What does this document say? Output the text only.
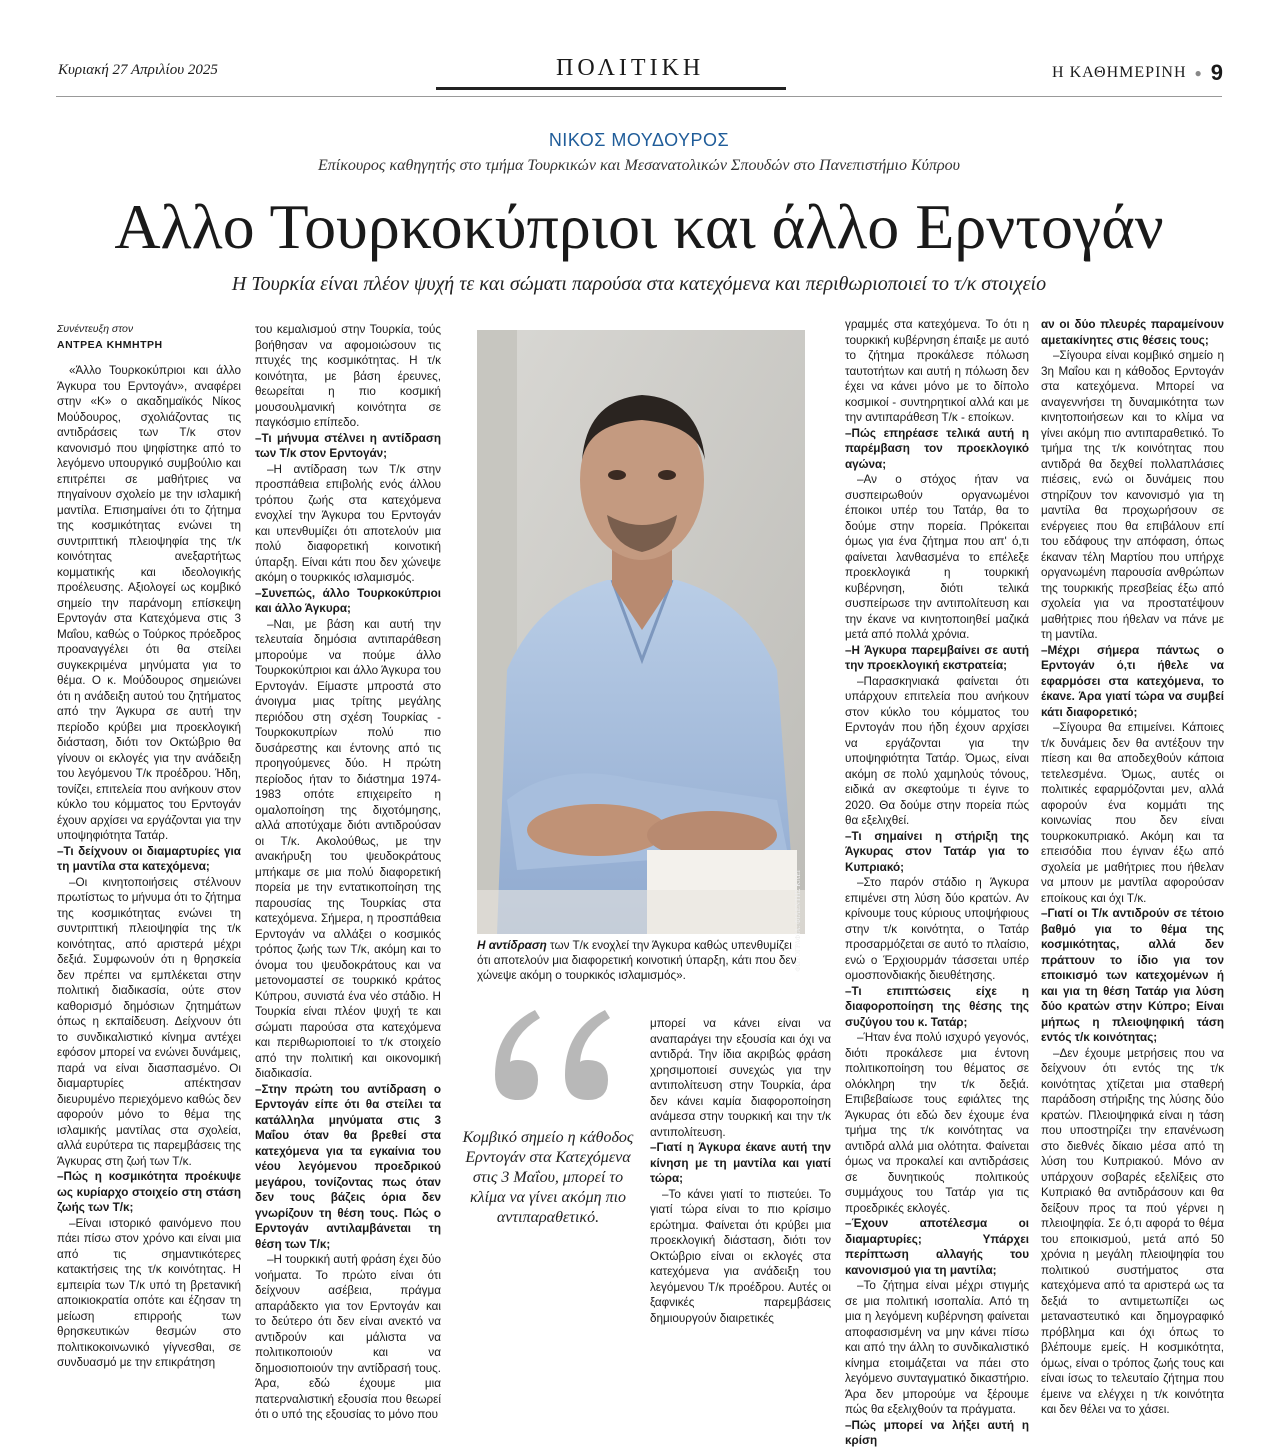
Κυριακή 27 Απριλίου 2025	ΠΟΛΙΤΙΚΗ	Η ΚΑΘΗΜΕΡΙΝΗ ● 9
ΝΙΚΟΣ ΜΟΥΔΟΥΡΟΣ
Επίκουρος καθηγητής στο τμήμα Τουρκικών και Μεσανατολικών Σπουδών στο Πανεπιστήμιο Κύπρου
Αλλο Τουρκοκύπριοι και άλλο Ερντογάν
Η Τουρκία είναι πλέον ψυχή τε και σώματι παρούσα στα κατεχόμενα και περιθωριοποιεί το τ/κ στοιχείο
Συνέντευξη στον
ΑΝΤΡΕΑ ΚΗΜΗΤΡΗ

«Άλλο Τουρκοκύπριοι και άλλο Άγκυρα του Ερντογάν», αναφέρει στην «Κ» ο ακαδημαϊκός Νίκος Μούδουρος, σχολιάζοντας τις αντιδράσεις των Τ/κ στον κανονισμό που ψηφίστηκε από το λεγόμενο υπουργικό συμβούλιο και επιτρέπει σε μαθήτριες να πηγαίνουν σχολείο με την ισλαμική μαντίλα. Επισημαίνει ότι το ζήτημα της κοσμικότητας ενώνει τη συντριπτική πλειοψηφία της τ/κ κοινότητας ανεξαρτήτως κομματικής και ιδεολογικής προέλευσης. Αξιολογεί ως κομβικό σημείο την παράνομη επίσκεψη Ερντογάν στα Κατεχόμενα στις 3 Μαΐου, καθώς ο Τούρκος πρόεδρος προαναγγέλει ότι θα στείλει συγκεκριμένα μηνύματα για το θέμα. Ο κ. Μούδουρος σημειώνει ότι η ανάδειξη αυτού του ζητήματος από την Άγκυρα σε αυτή την περίοδο κρύβει μια προεκλογική διάσταση, διότι τον Οκτώβριο θα γίνουν οι εκλογές για την ανάδειξη του λεγόμενου Τ/κ προέδρου. Ήδη, τονίζει, επιτελεία που ανήκουν στον κύκλο του κόμματος του Ερντογάν έχουν αρχίσει να εργάζονται για την υποψηφιότητα Τατάρ.

–Τι δείχνουν οι διαμαρτυρίες για τη μαντίλα στα κατεχόμενα;

–Οι κινητοποιήσεις στέλνουν πρωτίστως το μήνυμα ότι το ζήτημα της κοσμικότητας ενώνει τη συντριπτική πλειοψηφία της τ/κ κοινότητας, από αριστερά μέχρι δεξιά. Συμφωνούν ότι η θρησκεία δεν πρέπει να εμπλέκεται στην πολιτική διαδικασία, ούτε στον καθορισμό δημόσιων ζητημάτων όπως η εκπαίδευση. Δείχνουν ότι το συνδικαλιστικό κίνημα αντέχει εφόσον μπορεί να ενώνει δυνάμεις, παρά να είναι διασπασμένο. Οι διαμαρτυρίες απέκτησαν διευρυμένο περιεχόμενο καθώς δεν αφορούν μόνο το θέμα της ισλαμικής μαντίλας στα σχολεία, αλλά ευρύτερα τις παρεμβάσεις της Άγκυρας στη ζωή των Τ/κ.

–Πώς η κοσμικότητα προέκυψε ως κυρίαρχο στοιχείο στη στάση ζωής των Τ/κ;

–Είναι ιστορικό φαινόμενο που πάει πίσω στον χρόνο και είναι μια από τις σημαντικότερες κατακτήσεις της τ/κ κοινότητας. Η εμπειρία των Τ/κ υπό τη βρετανική αποικιοκρατία οπότε και έζησαν τη μείωση επιρροής των θρησκευτικών θεσμών στο πολιτικοκοινωνικό γίγνεσθαι, σε συνδυασμό με την επικράτηση

του κεμαλισμού στην Τουρκία, τούς βοήθησαν να αφομοιώσουν τις πτυχές της κοσμικότητας. Η τ/κ κοινότητα, με βάση έρευνες, θεωρείται η πιο κοσμική μουσουλμανική κοινότητα σε παγκόσμιο επίπεδο.

–Τι μήνυμα στέλνει η αντίδραση των Τ/κ στον Ερντογάν;

–Η αντίδραση των Τ/κ στην προσπάθεια επιβολής ενός άλλου τρόπου ζωής στα κατεχόμενα ενοχλεί την Άγκυρα του Ερντογάν και υπενθυμίζει ότι αποτελούν μια πολύ διαφορετική κοινοτική ύπαρξη. Είναι κάτι που δεν χώνεψε ακόμη ο τουρκικός ισλαμισμός.

–Συνεπώς, άλλο Τουρκοκύπριοι και άλλο Άγκυρα;

–Ναι, με βάση και αυτή την τελευταία δημόσια αντιπαράθεση μπορούμε να πούμε άλλο Τουρκοκύπριοι και άλλο Άγκυρα του Ερντογάν. Είμαστε μπροστά στο άνοιγμα μιας τρίτης μεγάλης περιόδου στη σχέση Τουρκίας - Τουρκοκυπρίων πολύ πιο δυσάρεστης και έντονης από τις προηγούμενες δύο. Η πρώτη περίοδος ήταν το διάστημα 1974-1983 οπότε επιχειρείτο η ομαλοποίηση της διχοτόμησης, αλλά αποτύχαμε διότι αντιδρούσαν οι Τ/κ. Ακολούθως, με την ανακήρυξη του ψευδοκράτους μπήκαμε σε μια πολύ διαφορετική πορεία με την εντατικοποίηση της παρουσίας της Τουρκίας στα κατεχόμενα. Σήμερα, η προσπάθεια Ερντογάν να αλλάξει ο κοσμικός τρόπος ζωής των Τ/κ, ακόμη και το όνομα του ψευδοκράτους και να μετονομαστεί σε τουρκικό κράτος Κύπρου, συνιστά ένα νέο στάδιο. Η Τουρκία είναι πλέον ψυχή τε και σώματι παρούσα στα κατεχόμενα και περιθωριοποιεί το τ/κ στοιχείο από την πολιτική και οικονομική διαδικασία.

–Στην πρώτη του αντίδραση ο Ερντογάν είπε ότι θα στείλει τα κατάλληλα μηνύματα στις 3 Μαΐου όταν θα βρεθεί στα κατεχόμενα για τα εγκαίνια του νέου λεγόμενου προεδρικού μεγάρου, τονίζοντας πως όταν δεν τους βάζεις όρια δεν γνωρίζουν τη θέση τους. Πώς ο Ερντογάν αντιλαμβάνεται τη θέση των Τ/κ;

–Η τουρκική αυτή φράση έχει δύο νοήματα. Το πρώτο είναι ότι δείχνουν ασέβεια, πράγμα απαράδεκτο για τον Ερντογάν και το δεύτερο ότι δεν είναι ανεκτό να αντιδρούν και μάλιστα να πολιτικοποιούν και να δημοσιοποιούν την αντίδρασή τους. Άρα, εδώ έχουμε μια πατερναλιστική εξουσία που θεωρεί ότι ο υπό της εξουσίας το μόνο που

ΦΩΤΟΓΡΑΦΙΑ: ΦΙΛΕΝΤΗΣ ΚΛΕΙ
Η αντίδραση των Τ/κ ενοχλεί την Άγκυρα καθώς υπενθυμίζει ότι αποτελούν μια διαφορετική κοινοτική ύπαρξη, κάτι που δεν χώνεψε ακόμη ο τουρκικός ισλαμισμός».
Κομβικό σημείο η κάθοδος Ερντογάν στα Κατεχόμενα στις 3 Μαΐου, μπορεί το κλίμα να γίνει ακόμη πιο αντιπαραθετικό.

μπορεί να κάνει είναι να αναπαράγει την εξουσία και όχι να αντιδρά. Την ίδια ακριβώς φράση χρησιμοποιεί συνεχώς για την αντιπολίτευση στην Τουρκία, άρα δεν κάνει καμία διαφοροποίηση ανάμεσα στην τουρκική και την τ/κ αντιπολίτευση.

–Γιατί η Άγκυρα έκανε αυτή την κίνηση με τη μαντίλα και γιατί τώρα;

–Το κάνει γιατί το πιστεύει. Το γιατί τώρα είναι το πιο κρίσιμο ερώτημα. Φαίνεται ότι κρύβει μια προεκλογική διάσταση, διότι τον Οκτώβριο είναι οι εκλογές στα κατεχόμενα για ανάδειξη του λεγόμενου Τ/κ προέδρου. Αυτές οι ξαφνικές παρεμβάσεις δημιουργούν διαιρετικές

γραμμές στα κατεχόμενα. Το ότι η τουρκική κυβέρνηση έπαιξε με αυτό το ζήτημα προκάλεσε πόλωση ταυτοτήτων και αυτή η πόλωση δεν έχει να κάνει μόνο με το δίπολο κοσμικοί - συντηρητικοί αλλά και με την αντιπαράθεση Τ/κ - εποίκων.

–Πώς επηρέασε τελικά αυτή η παρέμβαση τον προεκλογικό αγώνα;

–Αν ο στόχος ήταν να συσπειρωθούν οργανωμένοι έποικοι υπέρ του Τατάρ, θα το δούμε στην πορεία. Πρόκειται όμως για ένα ζήτημα που απ' ό,τι φαίνεται λανθασμένα το επέλεξε προεκλογικά η τουρκική κυβέρνηση, διότι τελικά συσπείρωσε την αντιπολίτευση και την έκανε να κινητοποιηθεί μαζικά μετά από πολλά χρόνια.

–Η Άγκυρα παρεμβαίνει σε αυτή την προεκλογική εκστρατεία;

–Παρασκηνιακά φαίνεται ότι υπάρχουν επιτελεία που ανήκουν στον κύκλο του κόμματος του Ερντογάν που ήδη έχουν αρχίσει να εργάζονται για την υποψηφιότητα Τατάρ. Όμως, είναι ακόμη σε πολύ χαμηλούς τόνους, ειδικά αν σκεφτούμε τι έγινε το 2020. Θα δούμε στην πορεία πώς θα εξελιχθεί.

–Τι σημαίνει η στήριξη της Άγκυρας στον Τατάρ για το Κυπριακό;

–Στο παρόν στάδιο η Άγκυρα επιμένει στη λύση δύο κρατών. Αν κρίνουμε τους κύριους υποψήφιους στην τ/κ κοινότητα, ο Τατάρ προσαρμόζεται σε αυτό το πλαίσιο, ενώ ο Έρχιουρμάν τάσσεται υπέρ ομοσπονδιακής διευθέτησης.

–Τι επιπτώσεις είχε η διαφοροποίηση της θέσης της συζύγου του κ. Τατάρ;

–Ήταν ένα πολύ ισχυρό γεγονός, διότι προκάλεσε μια έντονη πολιτικοποίηση του θέματος σε ολόκληρη την τ/κ δεξιά. Επιβεβαίωσε τους εφιάλτες της Άγκυρας ότι εδώ δεν έχουμε ένα τμήμα της τ/κ κοινότητας να αντιδρά αλλά μια ολότητα. Φαίνεται όμως να προκαλεί και αντιδράσεις σε δυνητικούς πολιτικούς συμμάχους του Τατάρ για τις προεδρικές εκλογές.

–Έχουν αποτέλεσμα οι διαμαρτυρίες; Υπάρχει περίπτωση αλλαγής του κανονισμού για τη μαντίλα;

–Το ζήτημα είναι μέχρι στιγμής σε μια πολιτική ισοπαλία. Από τη μια η λεγόμενη κυβέρνηση φαίνεται αποφασισμένη να μην κάνει πίσω και από την άλλη το συνδικαλιστικό κίνημα ετοιμάζεται να πάει στο λεγόμενο συνταγματικό δικαστήριο. Άρα δεν μπορούμε να ξέρουμε πώς θα εξελιχθούν τα πράγματα.

–Πώς μπορεί να λήξει αυτή η κρίση

αν οι δύο πλευρές παραμείνουν αμετακίνητες στις θέσεις τους;

–Σίγουρα είναι κομβικό σημείο η 3η Μαΐου και η κάθοδος Ερντογάν στα κατεχόμενα. Μπορεί να αναγεννήσει τη δυναμικότητα των κινητοποιήσεων και το κλίμα να γίνει ακόμη πιο αντιπαραθετικό. Το τμήμα της τ/κ κοινότητας που αντιδρά θα δεχθεί πολλαπλάσιες πιέσεις, ενώ οι δυνάμεις που στηρίζουν τον κανονισμό για τη μαντίλα θα προχωρήσουν σε ενέργειες που θα επιβάλουν επί του εδάφους την απόφαση, όπως έκαναν τέλη Μαρτίου που υπήρχε οργανωμένη παρουσία ανθρώπων της τουρκικής πρεσβείας έξω από σχολεία για να προστατέψουν μαθήτριες που ήθελαν να πάνε με τη μαντίλα.

–Μέχρι σήμερα πάντως ο Ερντογάν ό,τι ήθελε να εφαρμόσει στα κατεχόμενα, το έκανε. Άρα γιατί τώρα να συμβεί κάτι διαφορετικό;

–Σίγουρα θα επιμείνει. Κάποιες τ/κ δυνάμεις δεν θα αντέξουν την πίεση και θα αποδεχθούν κάποια τετελεσμένα. Όμως, αυτές οι πολιτικές εφαρμόζονται μεν, αλλά αφορούν ένα κομμάτι της κοινωνίας που δεν είναι τουρκοκυπριακό. Ακόμη και τα επεισόδια που έγιναν έξω από σχολεία με μαθήτριες που ήθελαν να μπουν με μαντίλα αφορούσαν εποίκους και όχι Τ/κ.

–Γιατί οι Τ/κ αντιδρούν σε τέτοιο βαθμό για το θέμα της κοσμικότητας, αλλά δεν πράττουν το ίδιο για τον εποικισμό των κατεχομένων ή και για τη θέση Τατάρ για λύση δύο κρατών στην Κύπρο; Είναι μήπως η πλειοψηφική τάση εντός τ/κ κοινότητας;

–Δεν έχουμε μετρήσεις που να δείχνουν ότι εντός της τ/κ κοινότητας χτίζεται μια σταθερή παράδοση στήριξης της λύσης δύο κρατών. Πλειοψηφικά είναι η τάση που υποστηρίζει την επανένωση στο διεθνές δίκαιο μέσα από τη λύση του Κυπριακού. Μόνο αν υπάρχουν σοβαρές εξελίξεις στο Κυπριακό θα αντιδράσουν και θα δείξουν προς τα πού γέρνει η πλειοψηφία. Σε ό,τι αφορά το θέμα του εποικισμού, μετά από 50 χρόνια η μεγάλη πλειοψηφία του πολιτικού συστήματος στα κατεχόμενα από τα αριστερά ως τα δεξιά το αντιμετωπίζει ως μεταναστευτικό και δημογραφικό πρόβλημα και όχι όπως το βλέπουμε εμείς. Η κοσμικότητα, όμως, είναι ο τρόπος ζωής τους και είναι ίσως το τελευταίο ζήτημα που έμεινε να ελέγχει η τ/κ κοινότητα και δεν θέλει να το χάσει.
